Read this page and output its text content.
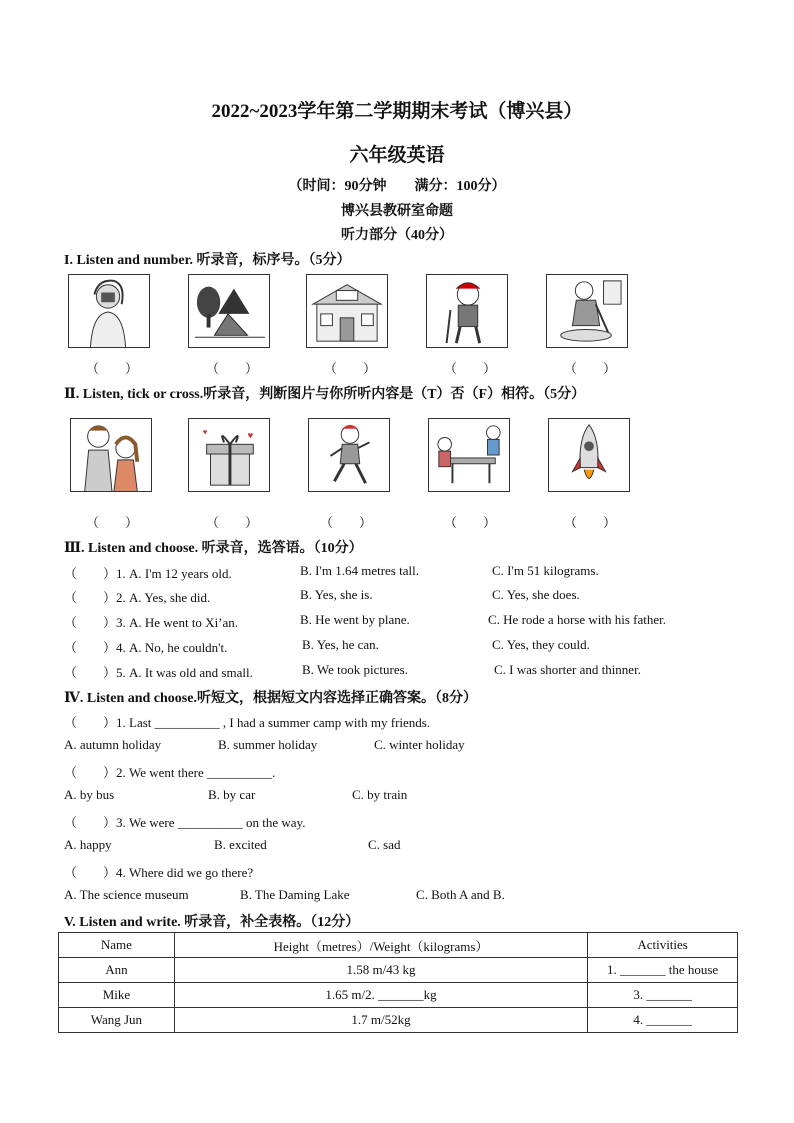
2022~2023学年第二学期期末考试（博兴县）
六年级英语
（时间：90分钟　　满分：100分）
博兴县教研室命题
听力部分（40分）
I. Listen and number. 听录音，标序号。（5分）
（　　）	（　　）	（　　）	（　　）	（　　）
Ⅱ. Listen, tick or cross.听录音，判断图片与你所听内容是（T）否（F）相符。（5分）
♥
♥
（　　）	（　　）	（　　）	（　　）	（　　）
Ⅲ. Listen and choose. 听录音，选答语。（10分）
（　　）1. A. I'm 12 years old.	B. I'm 1.64 metres tall.	C. I'm 51 kilograms.
（　　）2. A. Yes, she did.	B. Yes, she is.	C. Yes, she does.
（　　）3. A. He went to Xi’an.	B. He went by plane.	C. He rode a horse with his father.
（　　）4. A. No, he couldn't.	B. Yes, he can.	C. Yes, they could.
（　　）5. A. It was old and small.	B. We took pictures.	C. I was shorter and thinner.
Ⅳ. Listen and choose.听短文，根据短文内容选择正确答案。（8分）
（　　）1. Last __________ , I had a summer camp with my friends.
A. autumn holiday	B. summer holiday	C. winter holiday
（　　）2. We went there __________.
A. by bus	B. by car	C. by train
（　　）3. We were __________ on the way.
A. happy	B. excited	C. sad
（　　）4. Where did we go there?
A. The science museum	B. The Daming Lake	C. Both A and B.
V. Listen and write. 听录音，补全表格。（12分）
Name	Height（metres）/Weight（kilograms）	Activities
Ann	1.58 m/43 kg	1. _______ the house
Mike	1.65 m/2. _______kg	3. _______
Wang Jun	1.7 m/52kg	4. _______
